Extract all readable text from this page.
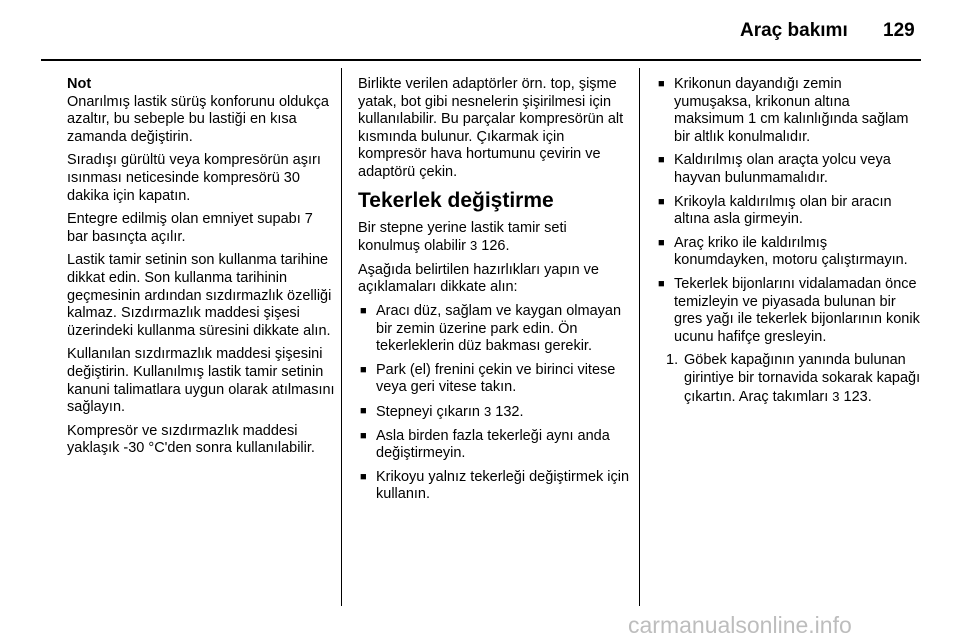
Araç bakımı 129

Not

Onarılmış lastik sürüş konforunu oldukça azaltır, bu sebeple bu lastiği en kısa zamanda değiştirin.

Sıradışı gürültü veya kompresörün aşırı ısınması neticesinde kompresörü 30 dakika için kapatın.

Entegre edilmiş olan emniyet supabı 7 bar basınçta açılır.

Lastik tamir setinin son kullanma tarihine dikkat edin. Son kullanma tarihinin geçmesinin ardından sızdırmazlık özelliği kalmaz. Sızdırmazlık maddesi şişesi üzerindeki kullanma süresini dikkate alın.

Kullanılan sızdırmazlık maddesi şişesini değiştirin. Kullanılmış lastik tamir setinin kanuni talimatlara uygun olarak atılmasını sağlayın.

Kompresör ve sızdırmazlık maddesi yaklaşık -30 °C'den sonra kullanılabilir.

Birlikte verilen adaptörler örn. top, şişme yatak, bot gibi nesnelerin şişirilmesi için kullanılabilir. Bu parçalar kompresörün alt kısmında bulunur. Çıkarmak için kompresör hava hortumunu çevirin ve adaptörü çekin.

Tekerlek değiştirme

Bir stepne yerine lastik tamir seti konulmuş olabilir 3 126.

Aşağıda belirtilen hazırlıkları yapın ve açıklamaları dikkate alın:

■ Aracı düz, sağlam ve kaygan olmayan bir zemin üzerine park edin. Ön tekerleklerin düz bakması gerekir.
■ Park (el) frenini çekin ve birinci vitese veya geri vitese takın.
■ Stepneyi çıkarın 3 132.
■ Asla birden fazla tekerleği aynı anda değiştirmeyin.
■ Krikoyu yalnız tekerleği değiştirmek için kullanın.
■ Krikonun dayandığı zemin yumuşaksa, krikonun altına maksimum 1 cm kalınlığında sağlam bir altlık konulmalıdır.
■ Kaldırılmış olan araçta yolcu veya hayvan bulunmamalıdır.
■ Krikoyla kaldırılmış olan bir aracın altına asla girmeyin.
■ Araç kriko ile kaldırılmış konumdayken, motoru çalıştırmayın.
■ Tekerlek bijonlarını vidalamadan önce temizleyin ve piyasada bulunan bir gres yağı ile tekerlek bijonlarının konik ucunu hafifçe gresleyin.
1. Göbek kapağının yanında bulunan girintiye bir tornavida sokarak kapağı çıkartın. Araç takımları 3 123.
carmanualsonline.info
